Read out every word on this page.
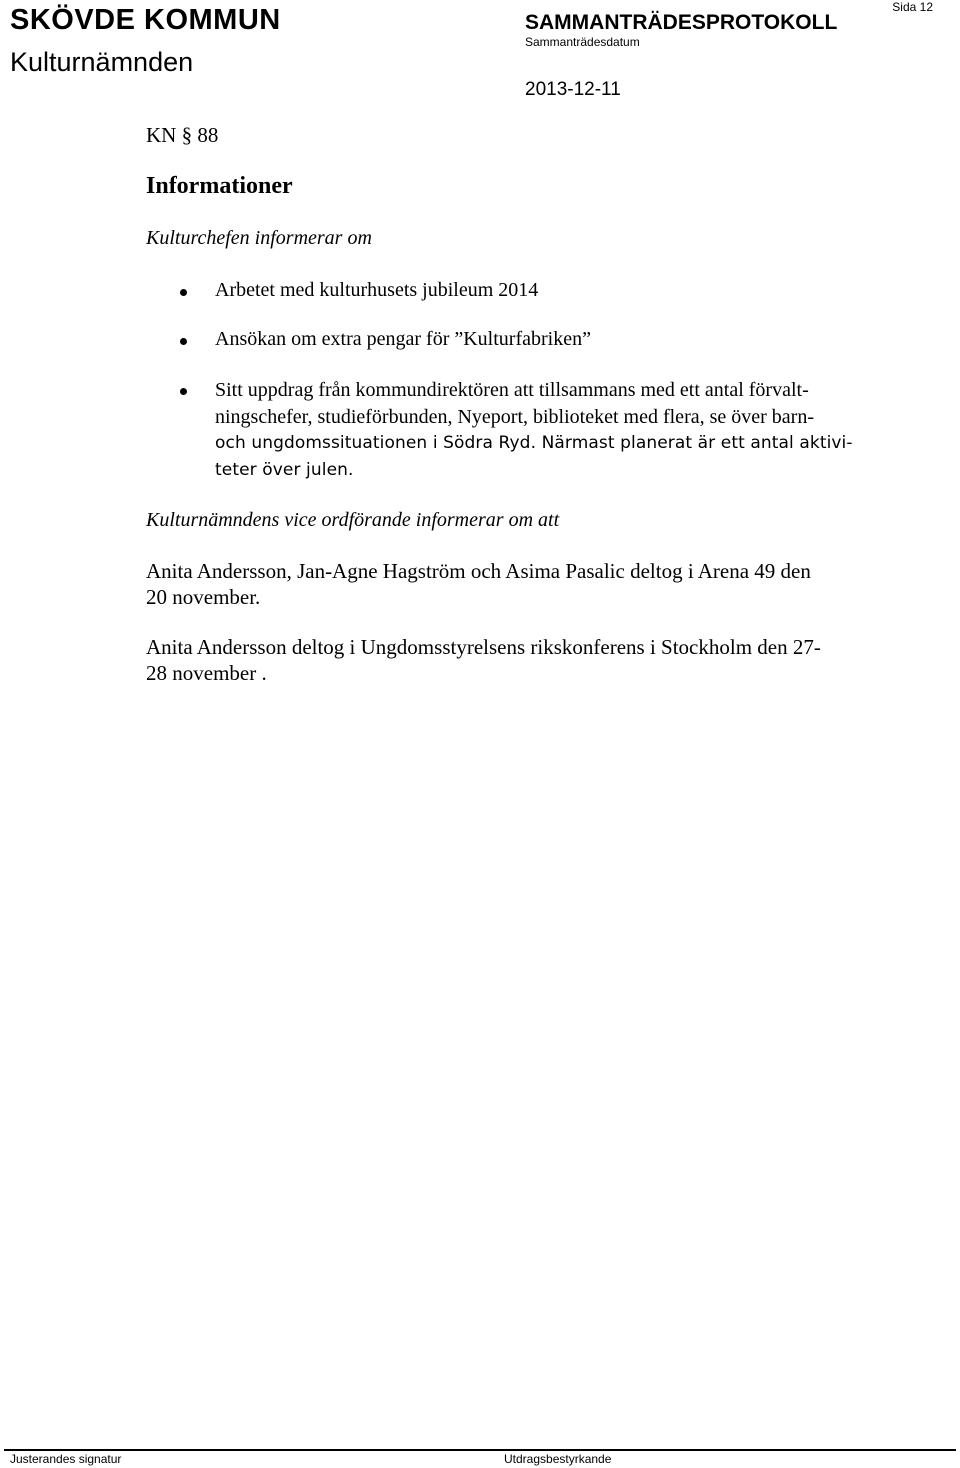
SKÖVDE KOMMUN
Kulturnämnden
SAMMANTRÄDESPROTOKOLL
Sammanträdesdatum
2013-12-11
Sida 12
KN § 88
Informationer
Kulturchefen informerar om
Arbetet med kulturhusets jubileum 2014
Ansökan om extra pengar för ”Kulturfabriken”
Sitt uppdrag från kommundirektören att tillsammans med ett antal förvalt-
ningschefer, studieförbunden, Nyeport, biblioteket med flera, se över barn-
och ungdomssituationen i Södra Ryd. Närmast planerat är ett antal aktivi-
teter över julen.
Kulturnämndens vice ordförande informerar om att
Anita Andersson, Jan-Agne Hagström och Asima Pasalic deltog i Arena 49 den
20 november.
Anita Andersson deltog i Ungdomsstyrelsens rikskonferens i Stockholm den 27-
28 november .
Justerandes signatur	Utdragsbestyrkande
